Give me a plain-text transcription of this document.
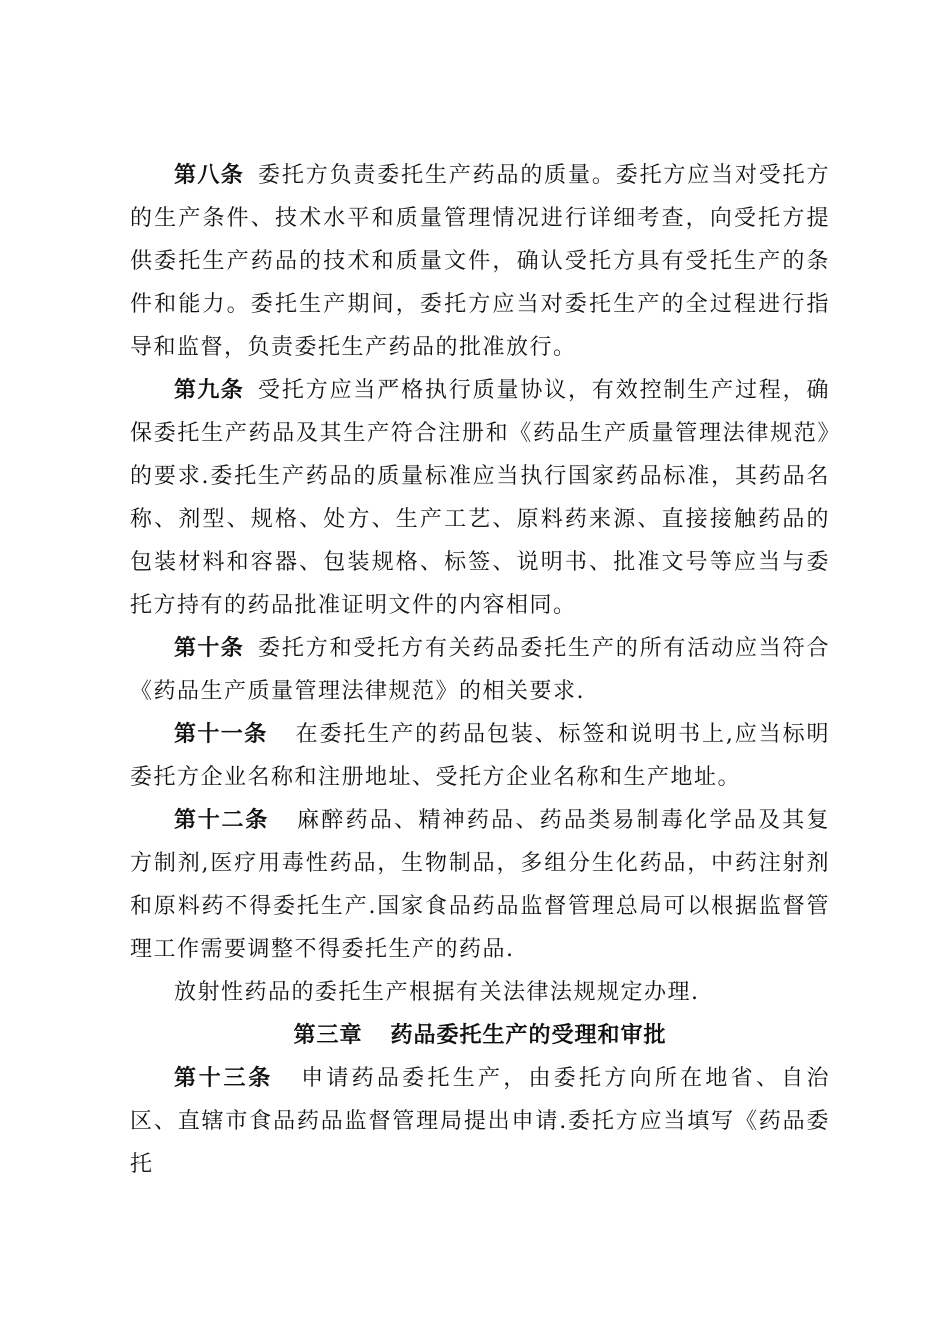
第八条 委托方负责委托生产药品的质量。委托方应当对受托方的生产条件、技术水平和质量管理情况进行详细考查，向受托方提供委托生产药品的技术和质量文件，确认受托方具有受托生产的条件和能力。委托生产期间，委托方应当对委托生产的全过程进行指导和监督，负责委托生产药品的批准放行。

第九条 受托方应当严格执行质量协议，有效控制生产过程，确保委托生产药品及其生产符合注册和《药品生产质量管理法律规范》的要求.委托生产药品的质量标准应当执行国家药品标准，其药品名称、剂型、规格、处方、生产工艺、原料药来源、直接接触药品的包装材料和容器、包装规格、标签、说明书、批准文号等应当与委托方持有的药品批准证明文件的内容相同。

第十条 委托方和受托方有关药品委托生产的所有活动应当符合《药品生产质量管理法律规范》的相关要求.

第十一条 在委托生产的药品包装、标签和说明书上,应当标明委托方企业名称和注册地址、受托方企业名称和生产地址。

第十二条 麻醉药品、精神药品、药品类易制毒化学品及其复方制剂,医疗用毒性药品，生物制品，多组分生化药品，中药注射剂和原料药不得委托生产.国家食品药品监督管理总局可以根据监督管理工作需要调整不得委托生产的药品.

放射性药品的委托生产根据有关法律法规规定办理.

第三章 药品委托生产的受理和审批

第十三条 申请药品委托生产，由委托方向所在地省、自治区、直辖市食品药品监督管理局提出申请.委托方应当填写《药品委托
